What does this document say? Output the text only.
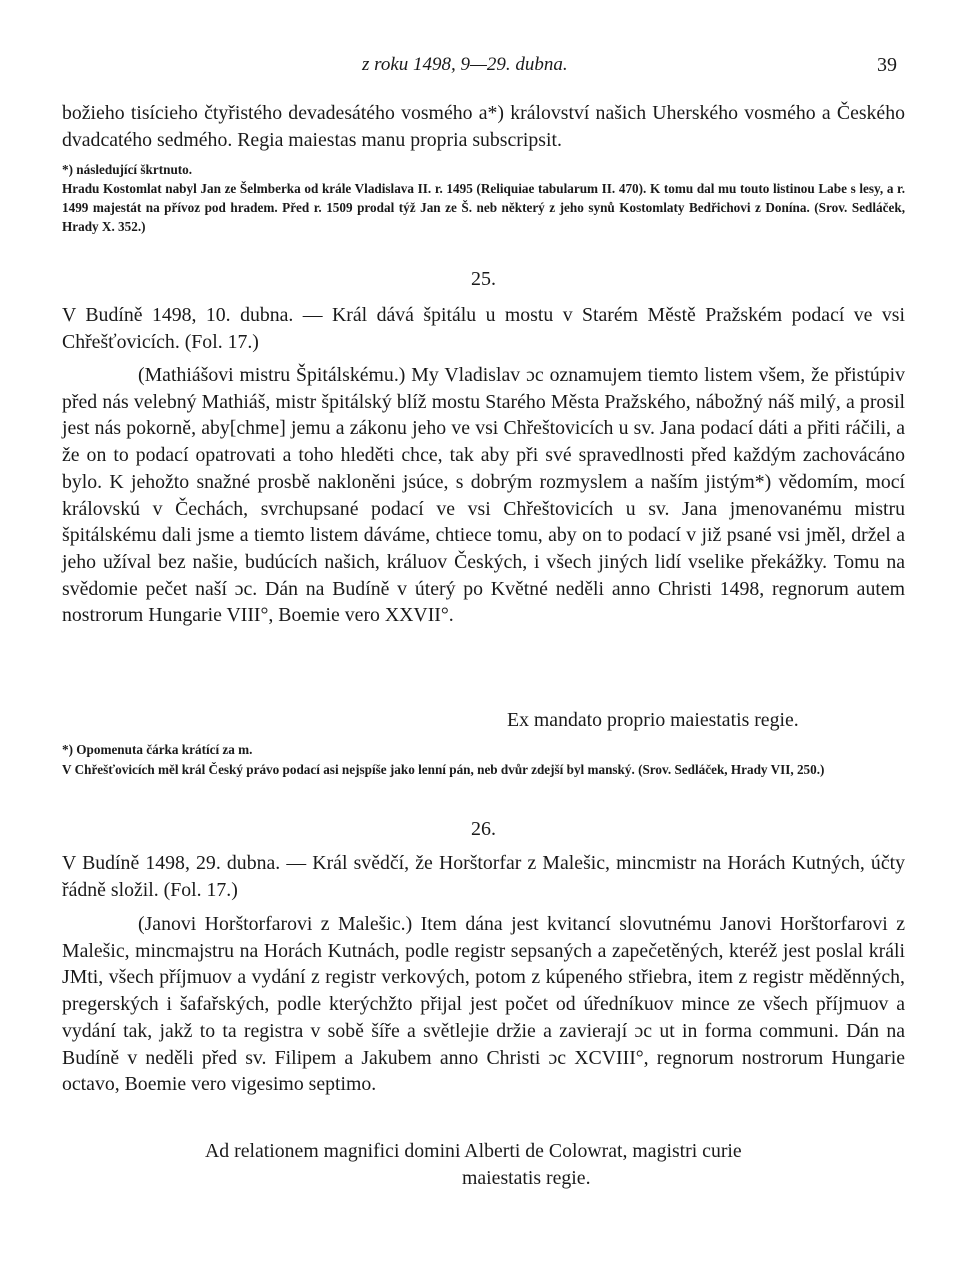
z roku 1498, 9—29. dubna.	39

božieho tisícieho čtyřistého devadesátého vosmého a*) království našich Uherského vosmého a Českého dvadcatého sedmého. Regia maiestas manu propria subscripsit.

*) následující škrtnuto.

Hradu Kostomlat nabyl Jan ze Šelmberka od krále Vladislava II. r. 1495 (Reliquiae tabularum II. 470). K tomu dal mu touto listinou Labe s lesy, a r. 1499 majestát na přívoz pod hradem. Před r. 1509 prodal týž Jan ze Š. neb některý z jeho synů Kostomlaty Bedřichovi z Donína. (Srov. Sedláček, Hrady X. 352.)

25.

V Budíně 1498, 10. dubna. — Král dává špitálu u mostu v Starém Městě Pražském podací ve vsi Chřešťovicích. (Fol. 17.)

(Mathiášovi mistru Špitálskému.) My Vladislav ɔc oznamujem tiemto listem všem, že přistúpiv před nás velebný Mathiáš, mistr špitálský blíž mostu Starého Města Pražského, nábožný náš milý, a prosil jest nás pokorně, aby[chme] jemu a zákonu jeho ve vsi Chřeštovicích u sv. Jana podací dáti a přiti ráčili, a že on to podací opatrovati a toho hleděti chce, tak aby při své spravedlnosti před každým zachovácáno bylo. K jehožto snažné prosbě nakloněni jsúce, s dobrým rozmyslem a naším jistým*) vědomím, mocí královskú v Čechách, svrchupsané podací ve vsi Chřeštovicích u sv. Jana jmenovanému mistru špitálskému dali jsme a tiemto listem dáváme, chtiece tomu, aby on to podací v již psané vsi jměl, držel a jeho užíval bez našie, budúcích našich, králuov Českých, i všech jiných lidí vselike překážky. Tomu na svědomie pečet naší ɔc. Dán na Budíně v úterý po Květné neděli anno Christi 1498, regnorum autem nostrorum Hungarie VIII°, Boemie vero XXVII°.

Ex mandato proprio maiestatis regie.

*) Opomenuta čárka krátící za m.

V Chřešťovicích měl král Český právo podací asi nejspíše jako lenní pán, neb dvůr zdejší byl manský. (Srov. Sedláček, Hrady VII, 250.)

26.

V Budíně 1498, 29. dubna. — Král svědčí, že Horštorfar z Malešic, mincmistr na Horách Kutných, účty řádně složil. (Fol. 17.)

(Janovi Horštorfarovi z Malešic.) Item dána jest kvitancí slovutnému Janovi Horštorfarovi z Malešic, mincmajstru na Horách Kutnách, podle registr sepsaných a zapečetěných, kteréž jest poslal králi JMti, všech příjmuov a vydání z registr verkových, potom z kúpeného střiebra, item z registr měděnných, pregerských i šafařských, podle kterýchžto přijal jest počet od úředníkuov mince ze všech příjmuov a vydání tak, jakž to ta registra v sobě šíře a světlejie držie a zavierají ɔc ut in forma communi. Dán na Budíně v neděli před sv. Filipem a Jakubem anno Christi ɔc XCVIII°, regnorum nostrorum Hungarie octavo, Boemie vero vigesimo septimo.

Ad relationem magnifici domini Alberti de Colowrat, magistri curie
maiestatis regie.
